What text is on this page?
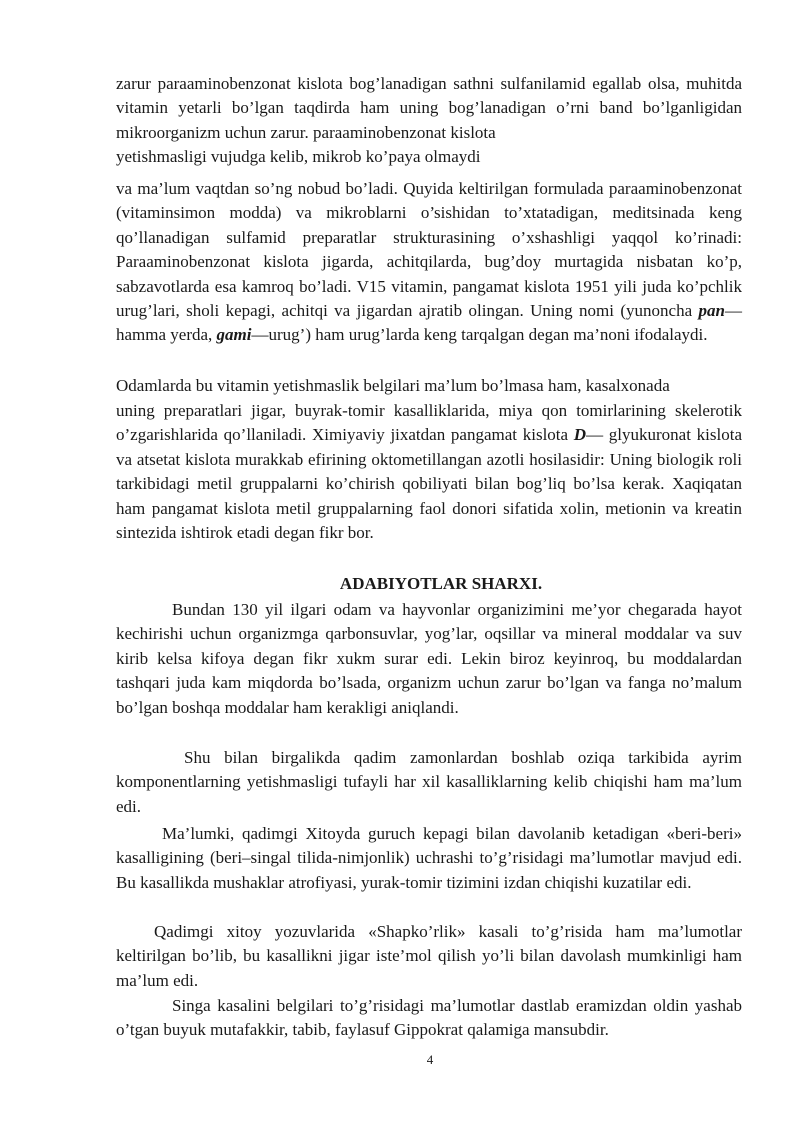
zarur paraaminobenzonat kislota bog’lanadigan sathni sulfanilamid egallab olsa, muhitda vitamin yetarli bo’lgan taqdirda ham uning bog’lanadigan o’rni band bo’lganligidan mikroorganizm uchun zarur. paraaminobenzonat kislota
yetishmasligi vujudga kelib, mikrob ko’paya olmaydi

va ma’lum vaqtdan so’ng nobud bo’ladi. Quyida keltirilgan formulada paraaminobenzonat (vitaminsimon modda) va mikroblarni o’sishidan to’xtatadigan, meditsinada keng qo’llanadigan sulfamid preparatlar strukturasining o’xshashligi yaqqol ko’rinadi: Paraaminobenzonat kislota jigarda, achitqilarda, bug’doy murtagida nisbatan ko’p, sabzavotlarda esa kamroq bo’ladi. V15 vitamin, pangamat kislota 1951 yili juda ko’pchlik urug’lari, sholi kepagi, achitqi va jigardan ajratib olingan. Uning nomi (yunoncha pan—hamma yerda, gami—urug’) ham urug’larda keng tarqalgan degan ma’noni ifodalaydi.

Odamlarda bu vitamin yetishmaslik belgilari ma’lum bo’lmasa ham, kasalxonada

uning preparatlari jigar, buyrak-tomir kasalliklarida, miya qon tomirlarining skelerotik o’zgarishlarida qo’llaniladi. Ximiyaviy jixatdan pangamat kislota D— glyukuronat kislota va atsetat kislota murakkab efirining oktometillangan azotli hosilasidir: Uning biologik roli tarkibidagi metil gruppalarni ko’chirish qobiliyati bilan bog’liq bo’lsa kerak. Xaqiqatan ham pangamat kislota metil gruppalarning faol donori sifatida xolin, metionin va kreatin sintezida ishtirok etadi degan fikr bor.

ADABIYOTLAR SHARXI.

Bundan 130 yil ilgari odam va hayvonlar organizimini me’yor chegarada hayot kechirishi uchun organizmga qarbonsuvlar, yog’lar, oqsillar va mineral moddalar va suv kirib kelsa kifoya degan fikr xukm surar edi. Lekin biroz keyinroq, bu moddalardan tashqari juda kam miqdorda bo’lsada, organizm uchun zarur bo’lgan va fanga no’malum bo’lgan boshqa moddalar ham kerakligi aniqlandi.

Shu bilan birgalikda qadim zamonlardan boshlab oziqa tarkibida ayrim komponentlarning yetishmasligi tufayli har xil kasalliklarning kelib chiqishi ham ma’lum edi.

Ma’lumki, qadimgi Xitoyda guruch kepagi bilan davolanib ketadigan «beri-beri» kasalligining (beri–singal tilida-nimjonlik) uchrashi to’g’risidagi ma’lumotlar mavjud edi. Bu kasallikda mushaklar atrofiyasi, yurak-tomir tizimini izdan chiqishi kuzatilar edi.

Qadimgi xitoy yozuvlarida «Shapko’rlik» kasali to’g’risida ham ma’lumotlar keltirilgan bo’lib, bu kasallikni jigar iste’mol qilish yo’li bilan davolash mumkinligi ham ma’lum edi.

Singa kasalini belgilari to’g’risidagi ma’lumotlar dastlab eramizdan oldin yashab o’tgan buyuk mutafakkir, tabib, faylasuf Gippokrat qalamiga mansubdir.

4
